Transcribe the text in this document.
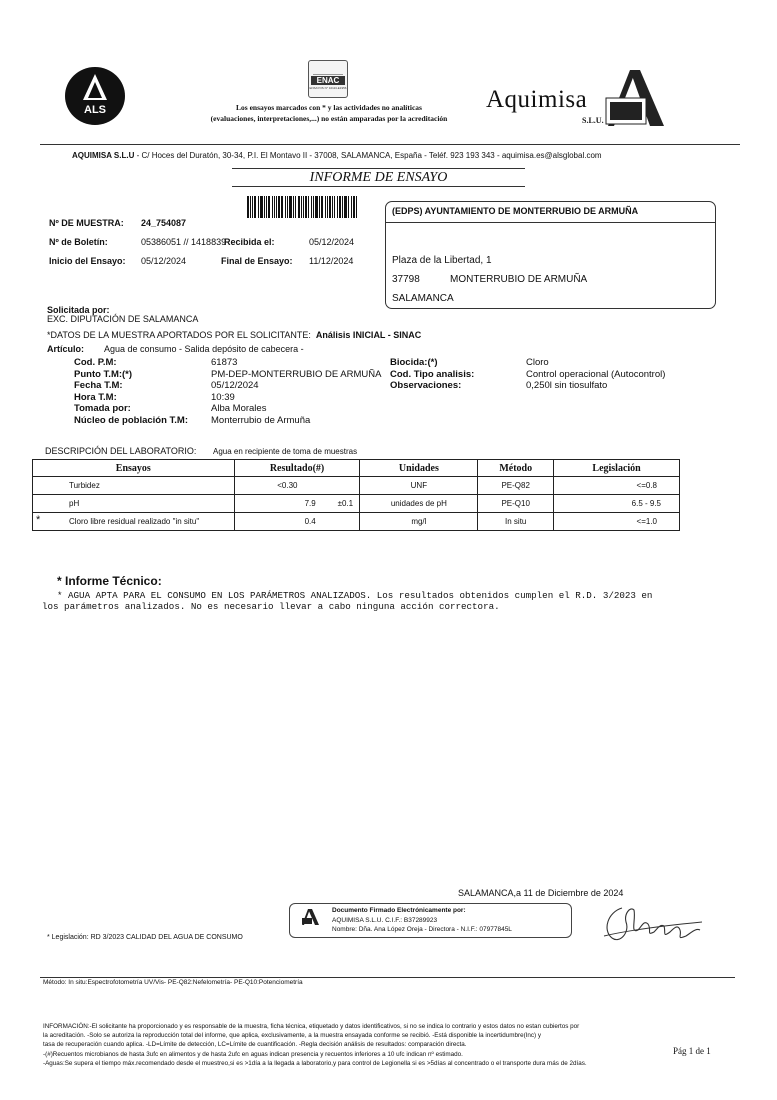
ALS
ENAC
ENSAYOS N° 1011/LE1956
Los ensayos marcados con * y las actividades no analíticas
(evaluaciones, interpretaciones,...) no están amparadas por la acreditación
Aquimisa
S.L.U.
AQUIMISA S.L.U - C/ Hoces del Duratón, 30-34, P.I. El Montavo II - 37008, SALAMANCA, España - Teléf. 923 193 343 - aquimisa.es@alsglobal.com
INFORME DE ENSAYO
Nº DE MUESTRA: 24_754087
Nº de Boletín:	05386051 // 1418839
Recibida el:	05/12/2024
Inicio del Ensayo: 05/12/2024	Final de Ensayo: 11/12/2024
(EDPS) AYUNTAMIENTO DE MONTERRUBIO DE ARMUÑA
Plaza de la Libertad, 1
37798	MONTERRUBIO DE ARMUÑA
SALAMANCA
Solicitada por:
EXC. DIPUTACIÓN DE SALAMANCA
*DATOS DE LA MUESTRA APORTADOS POR EL SOLICITANTE: Análisis INICIAL - SINAC
Artículo: Agua de consumo - Salida depósito de cabecera -
Cod. P.M:	61873
Punto T.M:(*)	PM-DEP-MONTERRUBIO DE ARMUÑA
Fecha T.M:	05/12/2024
Hora T.M:	10:39
Tomada por:	Alba Morales
Núcleo de población T.M:	Monterrubio de Armuña
Biocida:(*)	Cloro
Cod. Tipo analisis:	Control operacional (Autocontrol)
Observaciones:	0,250l sin tiosulfato
DESCRIPCIÓN DEL LABORATORIO: Agua en recipiente de toma de muestras
Ensayos	Resultado(#)	Unidades	Método	Legislación
Turbidez	<0.30	UNF	PE-Q82	<=0.8
pH	7.9 ±0.1	unidades de pH	PE-Q10	6.5 - 9.5

* Cloro libre residual realizado "in situ"	0.4	mg/l	In situ	<=1.0
* Informe Técnico:
* AGUA APTA PARA EL CONSUMO EN LOS PARÁMETROS ANALIZADOS. Los resultados obtenidos cumplen el R.D. 3/2023 en
los parámetros analizados. No es necesario llevar a cabo ninguna acción correctora.
SALAMANCA,a 11 de Diciembre de 2024
Documento Firmado Electrónicamente por:
AQUIMISA S.L.U. C.I.F.: B37289923
Nombre: Dña. Ana López Oreja - Directora - N.I.F.: 07977845L
* Legislación: RD 3/2023 CALIDAD DEL AGUA DE CONSUMO
Método: In situ:Espectrofotometría UV/Vis- PE-Q82:Nefelometría- PE-Q10:Potenciometría
INFORMACIÓN:-El solicitante ha proporcionado y es responsable de la muestra, ficha técnica, etiquetado y datos identificativos, si no se indica lo contrario y estos datos no estan cubiertos por
la acreditación. -Solo se autoriza la reproducción total del informe, que aplica, exclusivamente, a la muestra ensayada conforme se recibió. -Está disponible la incertidumbre(Inc) y
tasa de recuperación cuando aplica. -LD=Límite de detección, LC=Límite de cuantificación. -Regla decisión análisis de resultados: comparación directa.
-(#)Recuentos microbianos de hasta 3ufc en alimentos y de hasta 2ufc en aguas indican presencia y recuentos inferiores a 10 ufc indican nº estimado.
-Aguas:Se supera el tiempo máx.recomendado desde el muestreo,si es >1día a la llegada a laboratorio,y para control de Legionella si es >5días al concentrado o el transporte dura más de 2días.
Pág 1 de 1
